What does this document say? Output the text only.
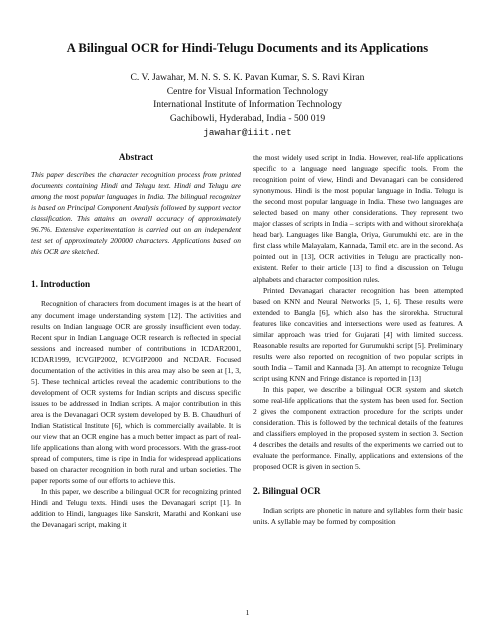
A Bilingual OCR for Hindi-Telugu Documents and its Applications
C. V. Jawahar, M. N. S. S. K. Pavan Kumar, S. S. Ravi Kiran
Centre for Visual Information Technology
International Institute of Information Technology
Gachibowli, Hyderabad, India - 500 019
jawahar@iiit.net
Abstract

This paper describes the character recognition process from printed documents containing Hindi and Telugu text. Hindi and Telugu are among the most popular languages in India. The bilingual recognizer is based on Principal Component Analysis followed by support vector classification. This attains an overall accuracy of approximately 96.7%. Extensive experimentation is carried out on an independent test set of approximately 200000 characters. Applications based on this OCR are sketched.

1. Introduction

Recognition of characters from document images is at the heart of any document image understanding system [12]. The activities and results on Indian language OCR are grossly insufficient even today. Recent spur in Indian Language OCR research is reflected in special sessions and increased number of contributions in ICDAR2001, ICDAR1999, ICVGIP2002, ICVGIP2000 and NCDAR. Focused documentation of the activities in this area may also be seen at [1, 3, 5]. These technical articles reveal the academic contributions to the development of OCR systems for Indian scripts and discuss specific issues to be addressed in Indian scripts. A major contribution in this area is the Devanagari OCR system developed by B. B. Chaudhuri of Indian Statistical Institute [6], which is commercially available. It is our view that an OCR engine has a much better impact as part of real-life applications than along with word processors. With the grass-root spread of computers, time is ripe in India for widespread applications based on character recognition in both rural and urban societies. The paper reports some of our efforts to achieve this.

In this paper, we describe a bilingual OCR for recognizing printed Hindi and Telugu texts. Hindi uses the Devanagari script [1]. In addition to Hindi, languages like Sanskrit, Marathi and Konkani use the Devanagari script, making it

the most widely used script in India. However, real-life applications specific to a language need language specific tools. From the recognition point of view, Hindi and Devanagari can be considered synonymous. Hindi is the most popular language in India. Telugu is the second most popular language in India. These two languages are selected based on many other considerations. They represent two major classes of scripts in India – scripts with and without sirorekha(a head bar). Languages like Bangla, Oriya, Gurumukhi etc. are in the first class while Malayalam, Kannada, Tamil etc. are in the second. As pointed out in [13], OCR activities in Telugu are practically non-existent. Refer to their article [13] to find a discussion on Telugu alphabets and character composition rules.

Printed Devanagari character recognition has been attempted based on KNN and Neural Networks [5, 1, 6]. These results were extended to Bangla [6], which also has the sirorekha. Structural features like concavities and intersections were used as features. A similar approach was tried for Gujarati [4] with limited success. Reasonable results are reported for Gurumukhi script [5]. Preliminary results were also reported on recognition of two popular scripts in south India – Tamil and Kannada [3]. An attempt to recognize Telugu script using KNN and Fringe distance is reported in [13]

In this paper, we describe a bilingual OCR system and sketch some real-life applications that the system has been used for. Section 2 gives the component extraction procedure for the scripts under consideration. This is followed by the technical details of the features and classifiers employed in the proposed system in section 3. Section 4 describes the details and results of the experiments we carried out to evaluate the performance. Finally, applications and extensions of the proposed OCR is given in section 5.

2. Bilingual OCR

Indian scripts are phonetic in nature and syllables form their basic units. A syllable may be formed by composition

1
